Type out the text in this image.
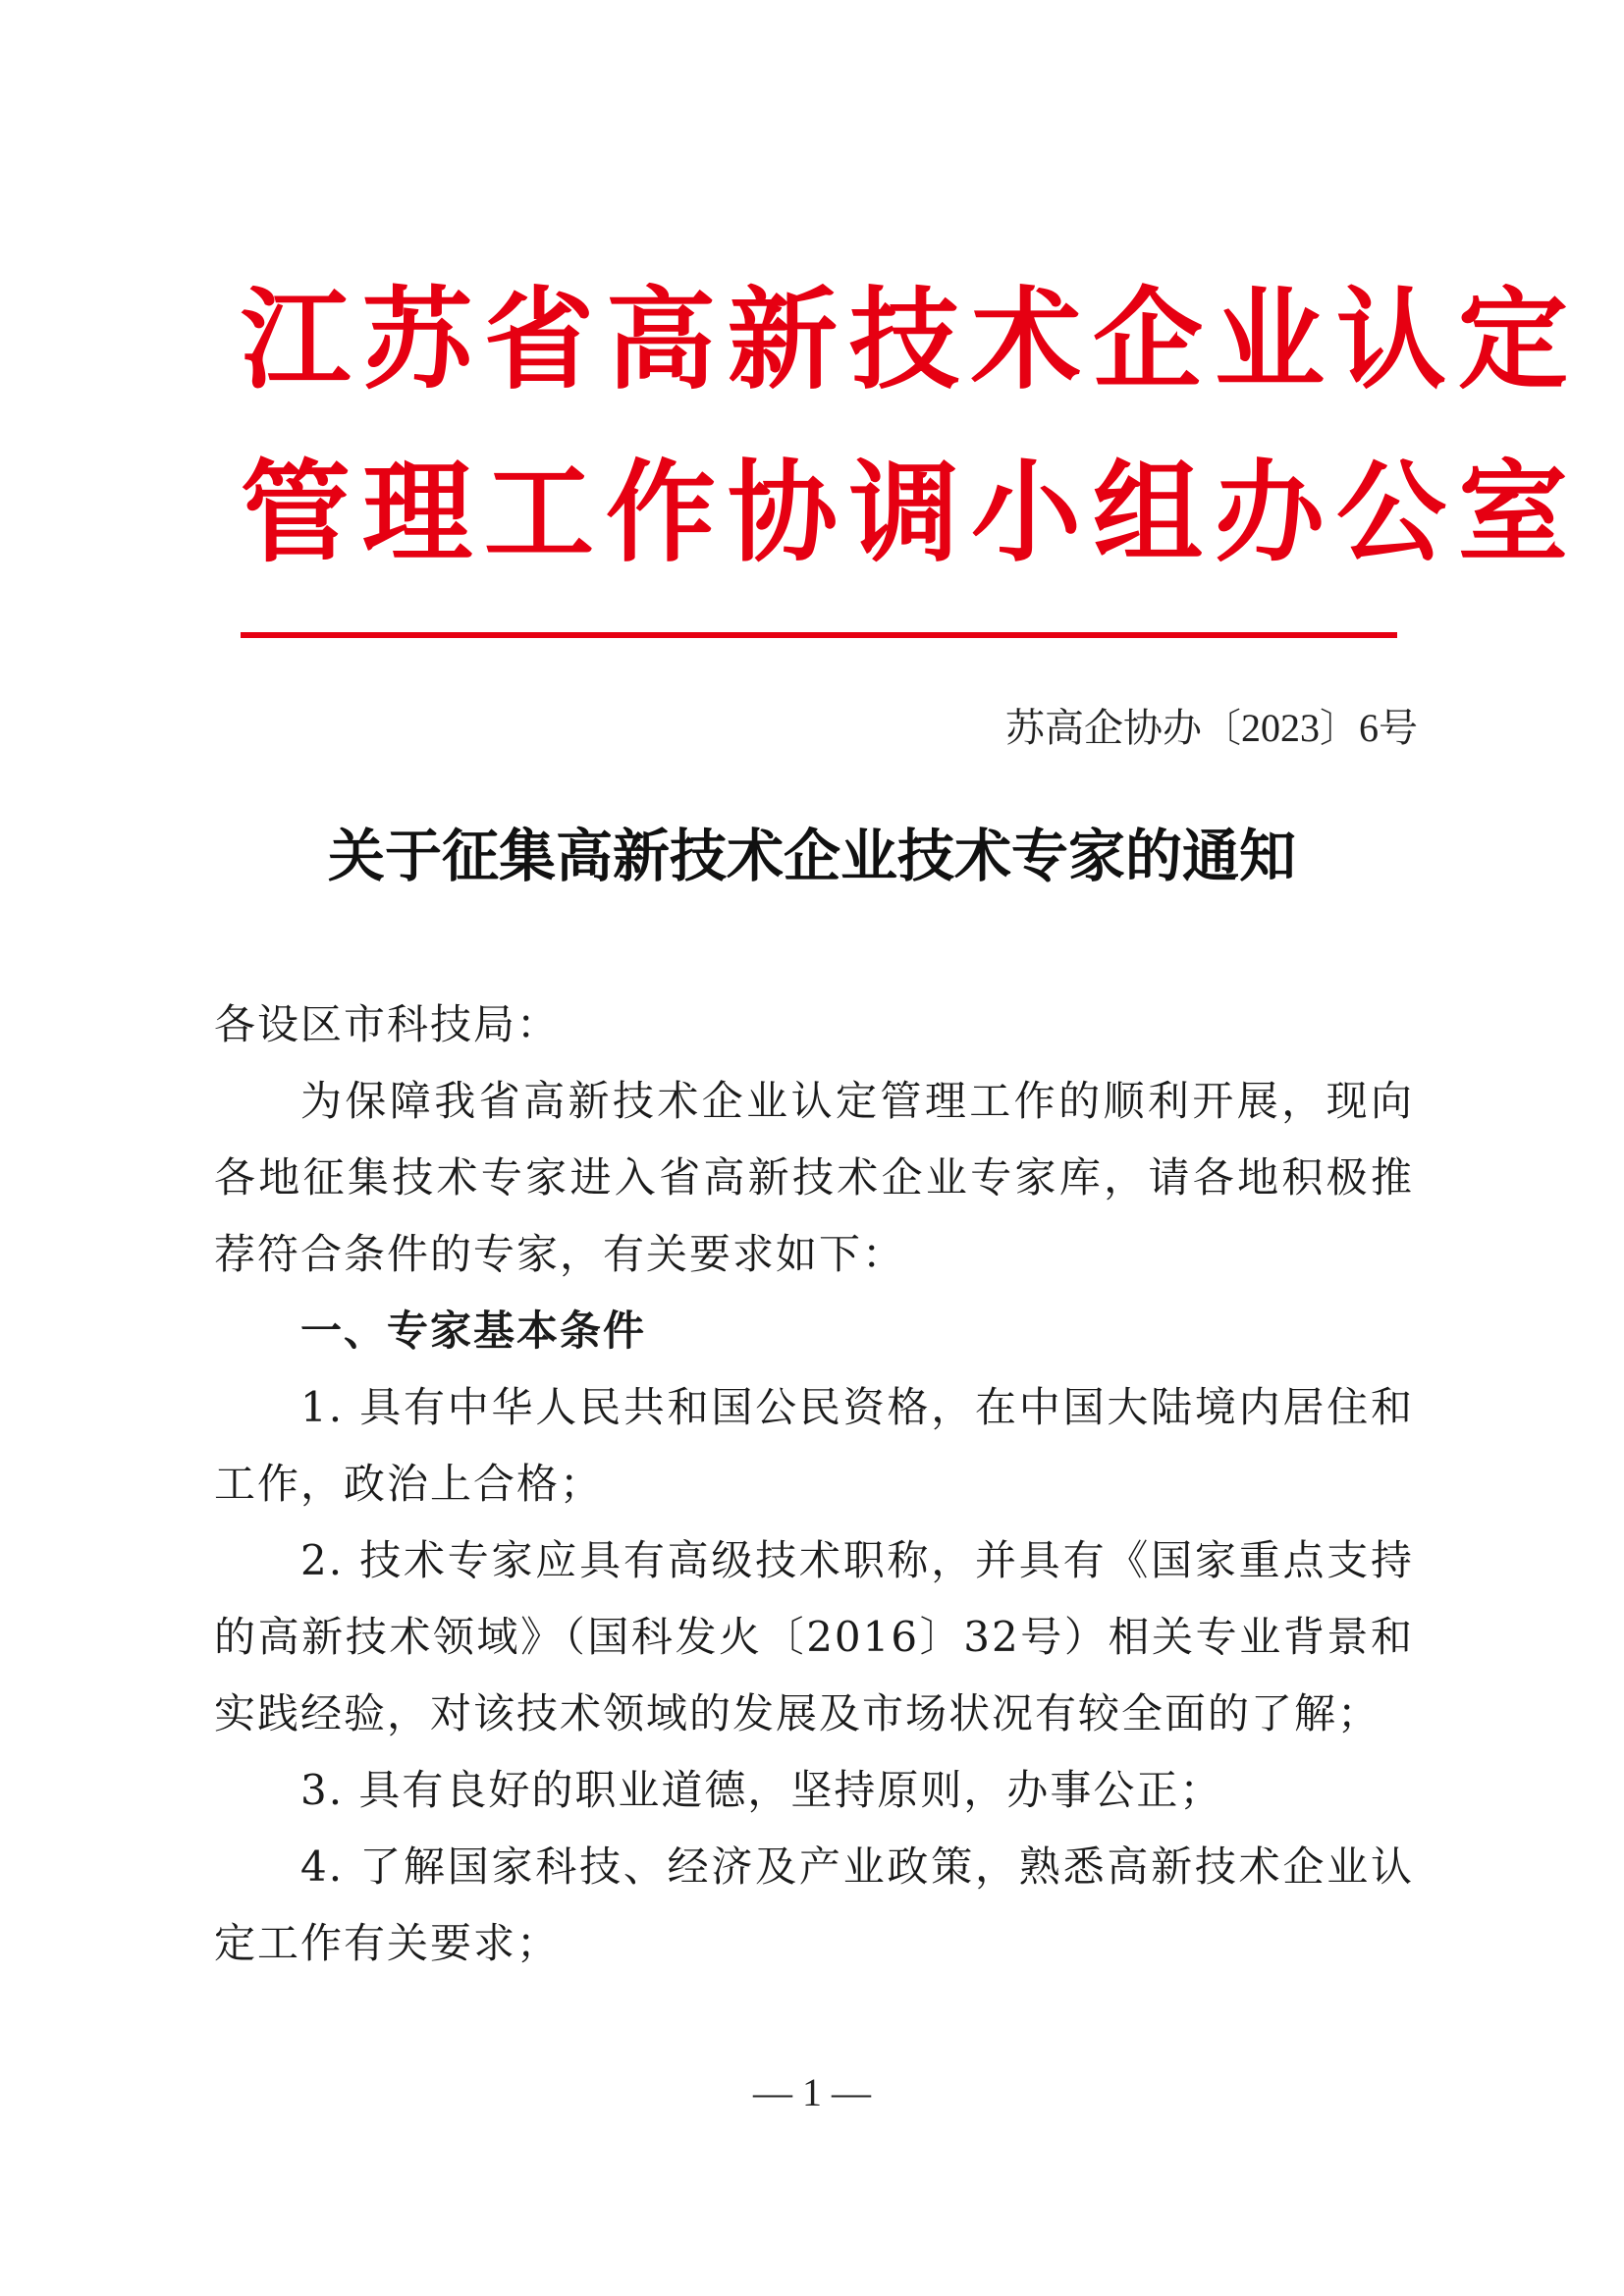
江苏省高新技术企业认定
管理工作协调小组办公室
苏高企协办〔2023〕6号
关于征集高新技术企业技术专家的通知

各设区市科技局：

为保障我省高新技术企业认定管理工作的顺利开展，现向各地征集技术专家进入省高新技术企业专家库，请各地积极推荐符合条件的专家，有关要求如下：

一、专家基本条件

1. 具有中华人民共和国公民资格，在中国大陆境内居住和工作，政治上合格；

2. 技术专家应具有高级技术职称，并具有《国家重点支持的高新技术领域》（国科发火〔2016〕32号）相关专业背景和实践经验，对该技术领域的发展及市场状况有较全面的了解；

3. 具有良好的职业道德，坚持原则，办事公正；

4. 了解国家科技、经济及产业政策，熟悉高新技术企业认定工作有关要求；

— 1 —
